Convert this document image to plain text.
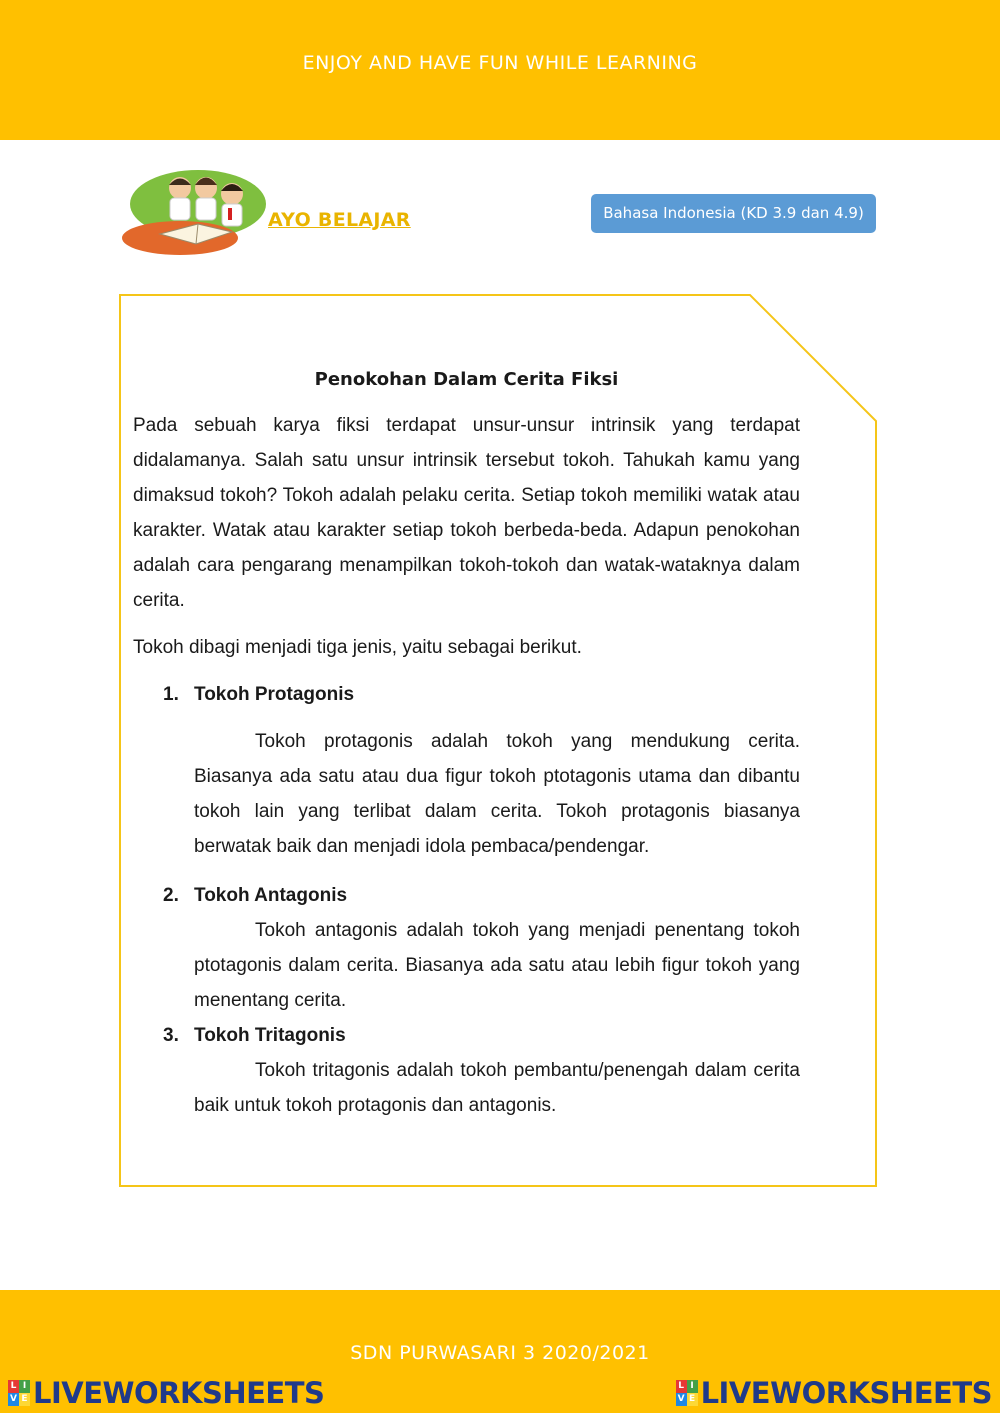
ENJOY AND HAVE FUN WHILE LEARNING
AYO BELAJAR	Bahasa Indonesia (KD 3.9 dan 4.9)
Penokohan Dalam Cerita Fiksi

Pada sebuah karya fiksi terdapat unsur-unsur intrinsik yang terdapat didalamanya. Salah satu unsur intrinsik tersebut tokoh. Tahukah kamu yang dimaksud tokoh? Tokoh adalah pelaku cerita. Setiap tokoh memiliki watak atau karakter. Watak atau karakter setiap tokoh berbeda-beda. Adapun penokohan adalah cara pengarang menampilkan tokoh-tokoh dan watak-wataknya dalam cerita.

Tokoh dibagi menjadi tiga jenis, yaitu sebagai berikut.

1. Tokoh Protagonis

Tokoh protagonis adalah tokoh yang mendukung cerita. Biasanya ada satu atau dua figur tokoh ptotagonis utama dan dibantu tokoh lain yang terlibat dalam cerita. Tokoh protagonis biasanya berwatak baik dan menjadi idola pembaca/pendengar.

2. Tokoh Antagonis

Tokoh antagonis adalah tokoh yang menjadi penentang tokoh ptotagonis dalam cerita. Biasanya ada satu atau lebih figur tokoh yang menentang cerita.

3. Tokoh Tritagonis

Tokoh tritagonis adalah tokoh pembantu/penengah dalam cerita baik untuk tokoh protagonis dan antagonis.

SDN PURWASARI 3 2020/2021
L I
V E LIVEWORKSHEETS	L I
V E LIVEWORKSHEETS
